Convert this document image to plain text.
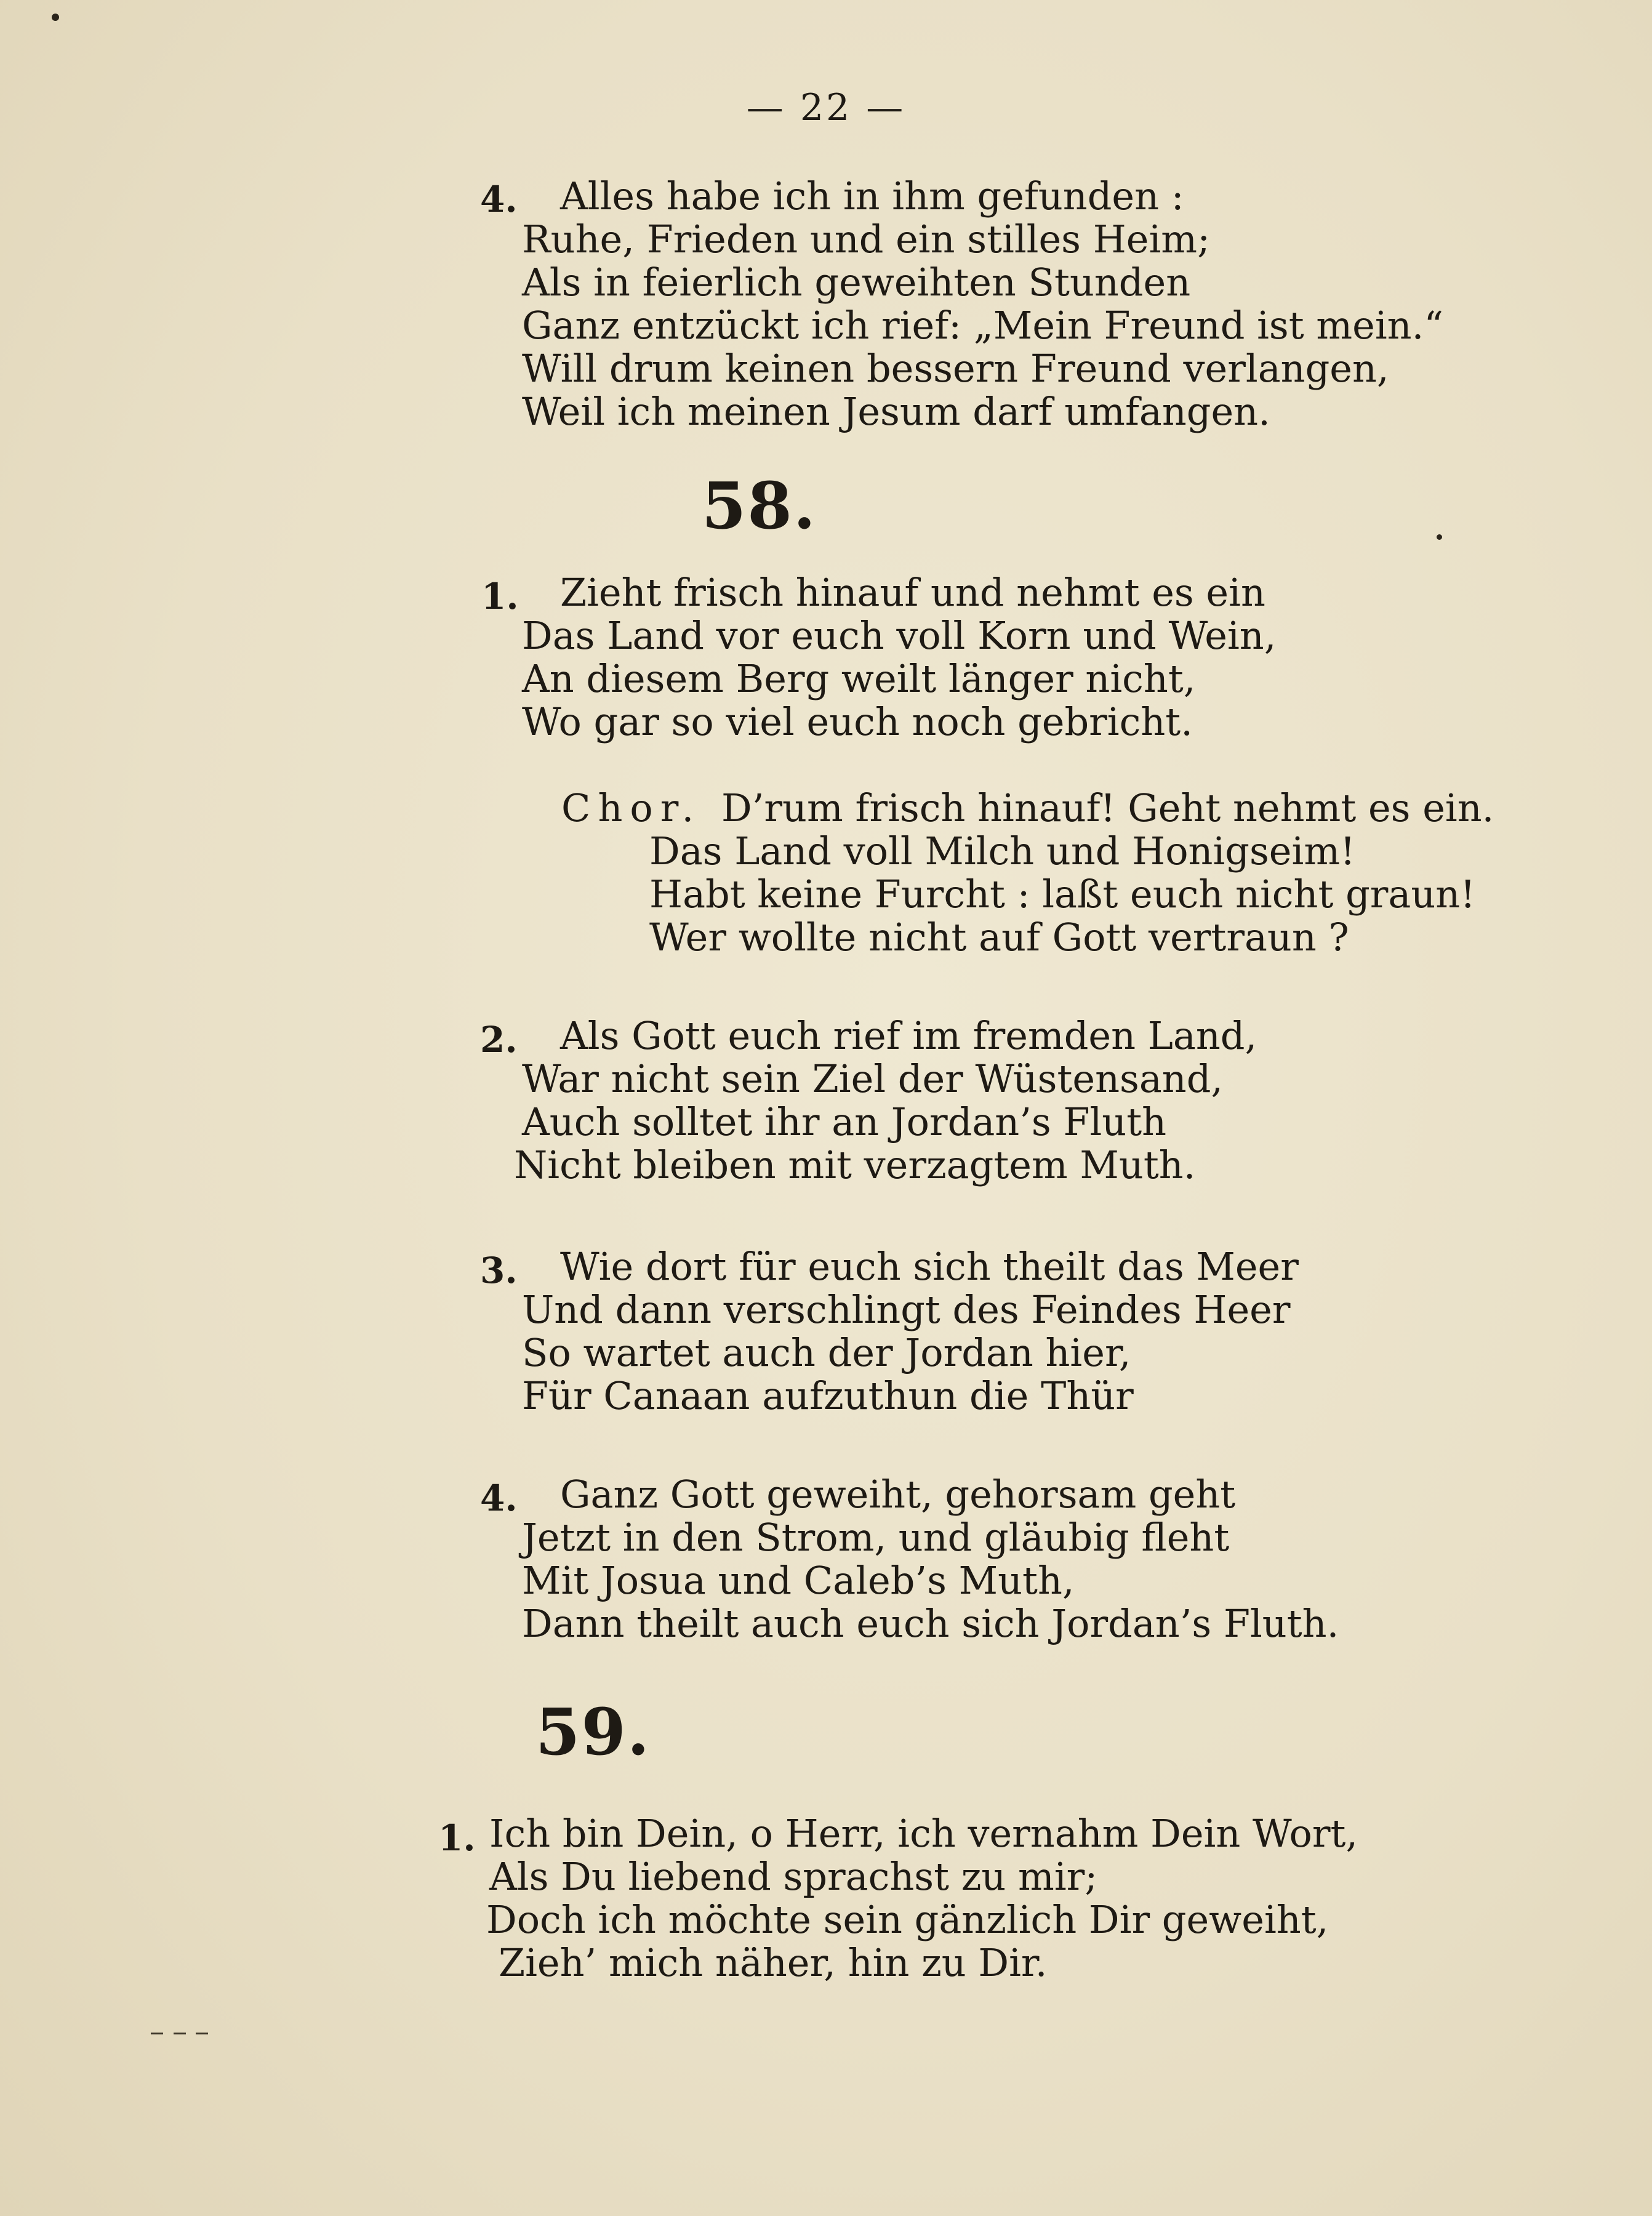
— 22 —
4. Alles habe ich in ihm gefunden :
Ruhe, Frieden und ein stilles Heim;
Als in feierlich geweihten Stunden
Ganz entzückt ich rief: „Mein Freund ist mein.“
Will drum keinen bessern Freund verlangen,
Weil ich meinen Jesum darf umfangen.
58.
1. Zieht frisch hinauf und nehmt es ein
Das Land vor euch voll Korn und Wein,
An diesem Berg weilt länger nicht,
Wo gar so viel euch noch gebricht.
Chor. D’rum frisch hinauf! Geht nehmt es ein.
Das Land voll Milch und Honigseim!
Habt keine Furcht : laßt euch nicht graun!
Wer wollte nicht auf Gott vertraun ?
2. Als Gott euch rief im fremden Land,
War nicht sein Ziel der Wüstensand,
Auch solltet ihr an Jordan’s Fluth
Nicht bleiben mit verzagtem Muth.
3. Wie dort für euch sich theilt das Meer
Und dann verschlingt des Feindes Heer
So wartet auch der Jordan hier,
Für Canaan aufzuthun die Thür
4. Ganz Gott geweiht, gehorsam geht
Jetzt in den Strom, und gläubig fleht
Mit Josua und Caleb’s Muth,
Dann theilt auch euch sich Jordan’s Fluth.
59.
1. Ich bin Dein, o Herr, ich vernahm Dein Wort,
Als Du liebend sprachst zu mir;
Doch ich möchte sein gänzlich Dir geweiht,
Zieh’ mich näher, hin zu Dir.
